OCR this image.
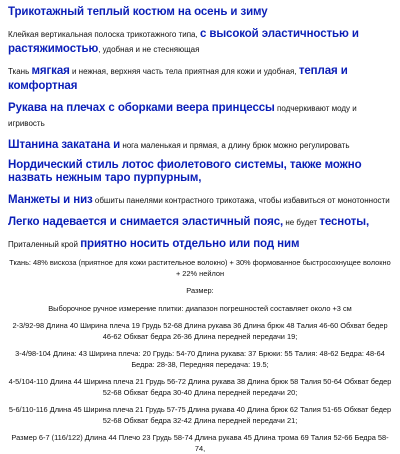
Трикотажный теплый костюм на осень и зиму
Клейкая вертикальная полоска трикотажного типа, с высокой эластичностью и растяжимостью, удобная и не стесняющая
Ткань мягкая и нежная, верхняя часть тела приятная для кожи и удобная, теплая и комфортная
Рукава на плечах с оборками веера принцессы подчеркивают моду и игривость
Штанина закатана и нога маленькая и прямая, а длину брюк можно регулировать
Нордический стиль лотос фиолетового системы, также можно назвать нежным таро пурпурным,
Манжеты и низ обшиты панелями контрастного трикотажа, чтобы избавиться от монотонности
Легко надевается и снимается эластичный пояс, не будет тесноты,
Приталенный крой приятно носить отдельно или под ним
Ткань: 48% вискоза (приятное для кожи растительное волокно) + 30% формованное быстросохнущее волокно + 22% нейлон
Размер:
Выборочное ручное измерение плитки: диапазон погрешностей составляет около +3 см
2-3/92-98 Длина 40 Ширина плеча 19 Грудь 52-68 Длина рукава 36 Длина брюк 48 Талия 46-60 Обхват бедер 46-62 Обхват бедра 26-36 Длина передней передачи 19;
3-4/98-104 Длина: 43 Ширина плеча: 20 Грудь: 54-70 Длина рукава: 37 Брюки: 55 Талия: 48-62 Бедра: 48-64 Бедра: 28-38, Передняя передача: 19.5;
4-5/104-110 Длина 44 Ширина плеча 21 Грудь 56-72 Длина рукава 38 Длина брюк 58 Талия 50-64 Обхват бедер 52-68 Обхват бедра 30-40 Длина передней передачи 20;
5-6/110-116 Длина 45 Ширина плеча 21 Грудь 57-75 Длина рукава 40 Длина брюк 62 Талия 51-65 Обхват бедер 52-68 Обхват бедра 32-42 Длина передней передачи 21;
Размер 6-7 (116/122) Длина 44 Плечо 23 Грудь 58-74 Длина рукава 45 Длина трома 69 Талия 52-66 Бедра 58-74,
